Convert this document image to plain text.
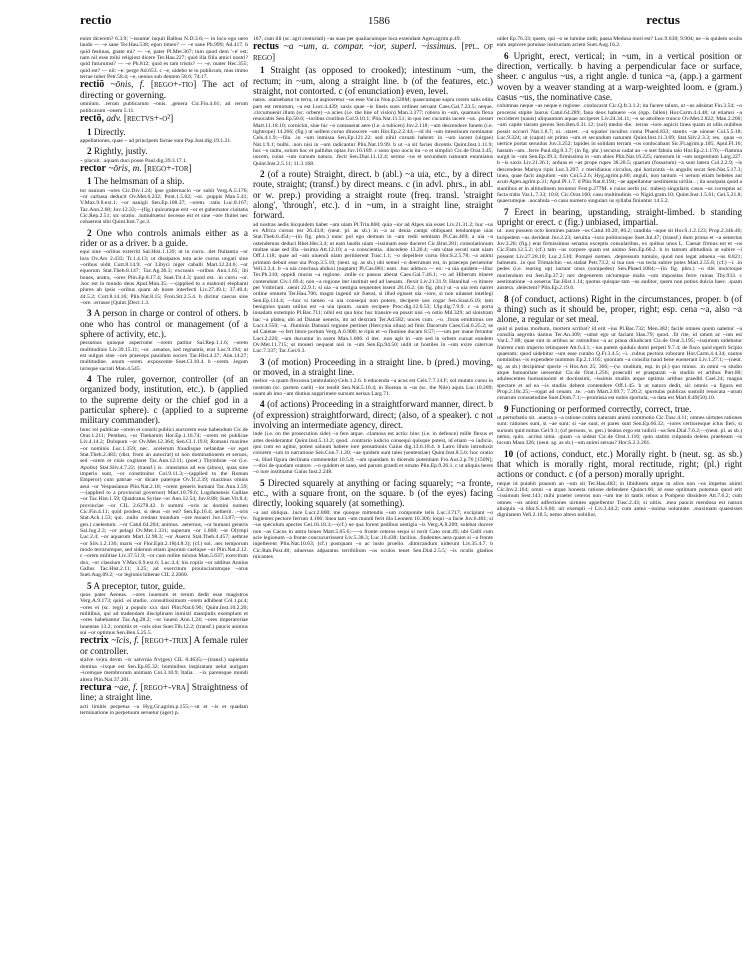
rectio	1586	rectus

enim dicerem? 6.3.9; '~issume' inquit Balbus N.D.3.6;— in loco ego uero laudo — ~e sane Ter.Hau.538; egon timeo? — ~e sane Ph.999; Ad.417. b quid festinas, gnate mi? — ~e, pater Pl.Mer.367; tum quod dem '~e' est; nam nil esse mihi religiost dicere Ter.Hau.227; quid illa filia amici nostri? quid futurumst? — ~e Ph.812; quid es tam tristis? — ~e, mater Hec.355; quid est? — nil: ~e: perge Ad.653. c ~e, uidebo te in publicum, mus immo terrae tuber Petr.58.4; ~e, uenius sub dentem 58.6; 74.17.

rectiō ~ōnis, f. [rego+-tio] The act of directing or governing.

omnium. .rerum publicarum ~onis. .genera Cic.Fin.4.61; ad rerum publicarum ~onem 5.11.

rectō, adv. [rectvs+-o²]

1 Directly.

appellationes, quae ~ ad principem factae sunt Pap.Just.dig.19.1.21.

2 Rightly, justly.

~ placuit. .aquam duci posse Paul.dig.39.3.17.1.

rector ~ōris, m. [rego+-tor]

1 The helmsman of a ship.

tot nauium ~ores Cic.Div.1.24; ipse gubernaclo ~or subit Verg.A.5.176; ~or carbasa deducit Ov.Met.6.232; Pont.1.5.62; ~or. .puppis Man.5.41; V.Max.9.8.ext.1; ~or nauigii Sen.Ep.108.37; ~orem. .ratis Luc.8.167; Tac.Ann.2.60; Juv.12.33;—(fig.) quicumque erit ~or et gubernator ciuitatis Cic.Rep.2.51; sic oratio. .tumultuetur necesse est et sine ~ore fluitet nec cohaereat sibi Quint.Inst.7.pr.3.

2 One who controls animals either as a rider or as a driver. b a guide.

equi sine ~oribus exterriti Sal.Hist.1.139; ut in curru. .det fluitantia ~or lora Ov.Ars 2.433; Tr.1.4.13; ut dissipatos tota acie currus ungari sine ~oribus uidit Curt.8.14.9; ~or Libyci niger caballi Mart.12.24.6; ~or equorum Stat.Theb.8.147; Tac.Ag.36.3; excussis ~oribus Ann.1.65; ibi boues, aratra, ~ores Plin.Ep.8.17.4; Suet.Tit.4.3; quod est. .in curru ~or. .hoc est in mundo deus Apul.Mun.35; —(applied to a mahout) elephanti plures ab ipsis ~oribus quam ab hoste interfecti Liv.27.49.1; 37.40.4; 44.5.2; Curt.8.14.16; Plin.Nat.8.15; Fron.Str.2.5.4. b dicitur caecus sine ~ore. .errasse [Quint.]Decl.1.3.

3 A person in charge or control of others. b one who has control or management (of a sphere of activity, etc.).

pessumus quisque asperrume ~orem patitur Sal.Rep.1.1.6; ~orem multitudinis Liv.39.15.11; ~or. .senatus, sed regnantis, erat Luc.9.194; ut est uulgus sine ~ore praeceps pauidum socors Tac.Hist.4.37; Ann.14.27; multitudine. .unum ~orem. .exposcente Suet.Cl.10.4. b ~orem. .legum iurisque sacrati Man.4.545.

4 The ruler, governor, controller (of an organized body, institution, etc.). b (applied to the supreme deity or the chief god in a particular sphere). c (applied to a supreme military commander).

hunc rei publicae ~orem et consili publici auctorem esse habendum Cic.de Orat.1.211; Pentheu, ~or Thebarum Hor.Ep.1.16.74; ~orem rei publicae Liv.4.14.2; Dolopum ~or Ov.Met.12.364; Sen.Cl.1.19.8; Romani maxime ~or nominis Luc.1.359; nec. .scelerum fraudisque nefandae ~or eget Stat.Theb.2.483; (dist. from an autocrat) ut non dominationem et seruos, sed ~orem et ciuis cogitaret Tac.Ann.12.11; (poet.) Thymbrae ~or (i.e. Apollo) Stat.Silv.4.7.22; (transf.) is. .translatus ad eos (alnos), quas sine imperio sunt, ~or constituitur Col.9.11.3;—(applied to the Roman Emperor) cum patriae ~or dicare paterque Ov.Tr.2.39; maximus omnis aeui ~or Vespasianus Plin.Nat.2.18; ~orem generis humani Tac.Ann.3.59;—(applied to a provincial governor) Mart.10.78.6; Lugdunensis Galliae ~or Tac.Hist.1.59; Quadratus Syriae ~or Ann.12.54; Juv.8.88; Suet.Vit.8.4; provinciae ~or CIL 2.6278.42. b summi ~oris ac domini numen Cic.Fin.4.11; quid prodest, si deus ~or est? Sen.Ep.16.4; aetherii. .~oris Stat.Ach.1.53; qui. .nullo credant mundum ~ore moueri Juv.13.87;—(w. gen.) caelestum. .~or Catul.64.204; animus. .aeternus, ~or humani generis Sal.Jug.2.3; ~or pelagi Ov.Met.1.331; superum ~or 1.668; ~or Olympi Luc.2.4; ~or aquarum Mart.12.98.3; ~or Auerni Stat.Theb.4.457; aethrae ~or Silv.1.2.136; maris ~or Flor.Epit.2.18(4.8.3); (cf.) sol. .nec temporum modo terrarumque, sed siderum etiam ipsorum caelique ~or Plin.Nat.2.12. c ~orem militiae Liv.37.51.9; ~or cum milite mixtus Man.5.637; exercitum dux, ~or classium V.Max.6.9.ext.6; Luc.4.4; his copiis ~or additus Annius Gallus Tac.Hist.2.11; 3.25; ad exercitum prouinciarumque ~orus Suet.Aug.89.2; ~or legionis hiberae CIL 2.2660.

5 A preceptor, tutor, guide.

quos pater Aeneas. .~ores iuuenum et rerum dedit esse magistros Verg.A.9.173; quid. .ei studio. .consultissimum ~orem adhibeat Col.1.pr.4; ~ores ei (sc. regi) a populo xxx dari Plin.Nat.6.90; Quint.Inst.10.2.20; militibus, qui ad tradendam disciplinam inmixti manipulis exemplum et ~ores habebantur Tac.Ag.28.2; ~or iuueni Ann.1.24; ~ores imperatoriae iuuentae 13.2; comitiis et ~oris eius Suet.Tib.12.2; (transf.) paucis animus sui ~or optimus Sen.Ben.5.25.5.

rectrix ~īcis, f. [rego+-trix] A female ruler or controller.

s(alve ve)ra devm ~ix satvrnia frv(ges) CIL 8.4635;—(transf.) sapientia domina ~ixque est Sen.Ep.85.32; hominibus inspiratam uelut aurigam ~icemque membrorum animam Col.3.10.9; Italia. . ~ix parensque mundi altera Plin.Nat.37.201.

rectura ~ae, f. [rego+-vra] Straightness of line; a straight line.

acti limitis perpetua ~a Hyg.Gr.agrim.p.155;—ut et ~is et quadam terminatione in perpetuum seruetur (ager) p.

167; cum illi (sc. agri centuriati) ~as suas per qualiacumque loca extendant Agen.agrim.p.49.

rectus ~a ~um, a. compar. ~ior, superl. ~issimus. [ppl. of rego]

1 Straight (as opposed to crooked); intestinum ~um, the rectum; in ~um, along a straight line. b (of the features, etc.) straight, not contorted. c (of enunciation) even, level.

natus. .statuebatur in terra, ut aspiceretur ~us esse Var.in Non.p.528M; quaecumque supra rorem salis edita pars est remotum, ~a est Lucr.4.439; saxis quae ~is lineis suos ordines seruant Caes.Gal.7.23.5; neque. .circumuenit illum (sc. orbem) ~a acies (i.e. the line of vision) Man.3.377; robora in ~um, quamuis flexa reuocabis Sen.Ep.50.6; ~ioribus cruribus Col.9.10.1; Plin.Nat.11.51; in quo nec cucumis iacere ~us. .posset Mart.11.18.10; cornicini, siue hic ~o cantauerat aere (i.e. a tubicen) Juv.2.118; ~um descendere funem (i.e. tightrope) 14.266; (fig.) ut uellem curuo dinoscere ~um Hor.Ep.2.2.44;—id ibi ~um intestinum nominatur Cels.4.1.9;—fila. .in ~um inmissa Sen.Ep.121.22; sed nihil curuati habent: in ~um iacent (uirgae) Nat.1.9.1; bulbi. .non nisi in ~um radicantur Plin.Nat.19.99. b ut ~a sit facies dicentis Quint.Inst.1.11.9; hoc ~o uultu, solum hoc et pallidus optas Juv.10.189. c sono ipso uocis ita ~o et simplici Cic.de Orat.3.45; uocem, cuius ~um cursum natura. .fecit Sen.Dial.11.12.4; sermo ~us et secundum naturam enuntiatus Quint.Inst.2.5.11; 11.3.168.

2 (of a route) Straight, direct. b (abl.) ~a uia, etc., by a direct route, straight; (transf.) by direct means. c (in advl. phrs., in abl. or w. prep.) providing a straight route (freq. transl. 'straight along', 'through', etc.). d in ~um, in a straight line, straight forward.

ad nostras aedis hicquidem habet ~am uiam Pl.Trin.868; quia ~ior ad Alpes uia esset Liv.21.31.2; huc ~us ex Africa cursus est 26.43.8; (neut. pl. as sb.) in ~a ac deuia campi obliquant tenduntque uias Stat.Theb.6.454;—(in fig. phrs.) nunc pol ego demum in ~am redii semitam Pl.Cas.469; a uia ~a ostendemus deduci Rhet.Her.3.4; ut eam laudis uiam ~issimam esse duceret Cic.Brut.281; consolationum multae uiae sed illa ~issima Att.12.10; a ~a conscientia. .discedere 13.20.4; ~am uitae secuti sunt uiam Off.1.118; quae ad ~am uiuendi uiam pertinerent Tusc.1.1; ~o depellere cursu Hor.S.2.5.78; ~a animi primum debuit esse uia Prop.3.5.10; (neut. sg. as sb.) ubi semel ~o deerratum est, in praeceps peruenitur Vell.2.3.4. b ~a uia conclusa abduxi (nuptam) Pl.Cas.881; eam. .huc adduco — eo: ~a uia quidem—illuc Ter.Ph.310; oppidi murus ~a regione. .mille cc passus aberat Caes.Gal.7.46.1; ~o ad Hiberum itinere contendunt Civ.1.69.4; non ~a regione iter instituit sed ad laeuam. .flexit Liv.21.31.9; Hannibal ~o itinere per Vmbriam. .uenit 22.9.1; si uia ~a uestigia sequentes issent 28.16.2; (in fig. phr.) ut ~a uia rem narret ordine omnem Ter.Hau.706; magni ingenii uir fuerat, si illud egisset uia ~iore, si non uitasset intellegi Sen.Ep.114.4; —hoc si tamen ~a uia consequi non potero, decipere uos cogar Sen.Suas.6.16; tam benignius quam utilius est ~a uia ipsum. .suum recipere Proc.dig.12.6.53; Ulp.dig.7.9.9. c ~a porta inuadam extemplo Pl.Bac.711; nihil est qua hinc huc transire ea possit nisi ~o ostio Mil.329; ad sinistram hac ~a platea, ubi ad Dianae ueneris, ito ad dextram Ter.Ad.582; uoces cum. .~o. .foras emittimus ore Lucr.4.550; ~a. .fluminis Danuuii regione pertinet (Hercynia silua) ad finis Dacorum Caes.Gal.6.25.2; se ad Caietae ~o fert litore portum Verg.A.6.900; te ripis et ~o flumine ducam 8.57;—~um per inane feruntur Lucr.2.226; ~um ducuntur in axem Man.1.606. d iter. .non agit in ~um sed in orbem curuat eundem Ov.Met.11.715; ut moueri nequeat nisi in ~um Sen.Ep.94.50; uidit ut hostiles in ~um exire catervas Luc.7.337; Tac.Ger.6.3.

3 (of motion) Proceeding in a straight line. b (pred.) moving, or moved, in a straight line.

melior ~a quam flexuosa (ambulatio) Cels.1.2.6. b educenda ~a acus est Cels.7.7.14.F; sol mutato cursu in nostram (sc. partem caeli) ~ior tendit Sen.Nat.5.10.4; in Borean is ~us (sc. the Nile) aquis Luc.10.289; uuam ab imo ~am diutius supprimere sursum uersus Larg.71.

4 (of actions) Proceeding in a straightforward manner, direct. b (of expression) straightforward, direct; (also, of a speaker). c not involving an intermediate agency, direct.

inde (i.e. on the prosecution side) ~a fere atque. .clamosa est actio: hinc (i.e. in defence) mille flexus et artes desiderantur Quint.Inst.5.13.2; quod. .contrario iudicio consequi quisque potest, id etiam ~o iudicio, quo cum eo agitur, potest saluum habere iure pensationis Gaius dig.13.6.18.4. b Latro illum introduxit colorem ~um in narratione Sen.Con.7.1.20; ~ae quidem sunt tales (sententiae) Quint.Inst.8.5.6; hoc oratio ~a, illud figura declinata commendat 10.5.8; ~am quandam in dicendo potentiam Fro.Aur.2.p.76 [150N];—dixi de quodam oratore. .~o quidem et sano, sed parum grandi et ornato Plin.Ep.9.26.1. c ut aliquis heres ~o iure instituatur Gaius Inst.2.248.

5 Directed squarely at anything or facing squarely; ~a fronte, etc., with a square front, on the square. b (of the eyes) facing directly, looking squarely (at something).

~a aut obliqua. .luce Lucr.2.800; me quoque mittendis ~um componite telis Luc.3.717; excipiant ~o fugientes pectore ferrum 4.166; linea tam ~um mundi ferit illa Leonem 10.306; loqui ~a facie Juv.6.401; si ~us speculum spectes Gel.16.18.3;—(cf.) ne qua forent pedibus uestigia ~is Verg.A.8.209; solebat ducere non ~as Cacus in antra boues Mart.5.65.6;—~o fronte ceteros sequi si norit Cato orat.49; ubi Galli cum acie legionum ~a fronte concucurrissent Liv.5.38.3; Luc.10.438; facilius. .findentes aera quam si ~a fronte inpellerent Plin.Nat.10.63; (cf.) postquam ~o ac iusto proelio. .dimicandum uiderunt Liv.35.4.7. b Cic.Rab.Post.48; aduersus adparatus terribilium ~os oculos tenet Sen.Dial.2.5.5; ~is oculis gladios micantes

uidet Ep.76.33; quem, qui ~o se lumine uidit, passa Medusa mori est? Luc.9.638; 9.904; ne ~is quidem oculis eam aspicere potuisse instructam aciem Suet.Aug.16.2.

6 Upright, erect, vertical; in ~um, in a vertical position or direction, vertically. b having a perpendicular face or surface, sheer. c angulus ~us, a right angle. d tunica ~a, (app.) a garment woven by a weaver standing at a warp-weighted loom. e (gram.) casus ~us, the nominative case.

columnas neque ~as neque e regione. .conlocarat Cic.Q.fr.3.1.2; ita facere talum, ut ~us adsistat Fin.3.54; ~o proceras stipite laurus Catul.64.289; fana deos habuere ~os (opp. fallen) Hor.Carm.4.4.48; ut etiamsi ~a reccideret (nauis) aliquantum aquae acciperet Liv.24.34.11; ~o se attollere trunco Ov.Met.2.822; Man.2.200; ~am capite tiaram gerens Sen.Ben.6.31.12; (sol) medio die. .terras ~iore aspicit linea quam ut ullis nubibus possit occurri Nat.1.8.7; ui. .staret. .~a squalor incultus coma Phaed.833; stantis ~ae uineae Col.5.5.18; Luc.9.324; ut (caput) sit primo ~um et secundum naturam Quint.Inst.11.3.69; Stat.Silv.2.3.3; res. .quas ~o uertice portat seruulus Juv.3.252; lapides in solidam terram ~os conlocabant Sic.Fl.agrim.p.105; Apul.Fl.16; hastam ~am. .ferre Paul.dig.8.3.7; (in fig. phr.) securus cadat an ~o stet fabula talo Hor.Ep.2.1.176;—flamma surgit in ~um Sen.Ep.39.3; firmissima in ~um abies Plin.Nat.16.225; ramorum in ~um surgentium Larg.227. b ~is saxis Liv.21.36.1; arduas et ~as prope rupes 38.20.5; quarum (fossarum) ~a sunt latera Col.2.2.9; ~is descendens Marsya ripis Luc.3.207. c meridianus circulus, qui horizonta ~is angulis secat Sen.Nat.5.17.3; linea, quae facit angulum ~um Col.5.2.6; Hyg.agrim.p.80; anguli, non tantum ~i uerum etiam hebetes aut acuti Agen.agrim.p.31; Apul.Pl.1.7. d Plin.Nat.8.194; ~ae appellantur uestimenta uirilia. .; ita usurpata quod a stantibus et in altitudinem texuntur Fest.p.277M. e cuius uerbi (sc. trabes) singularis casus ~us correptus ac facta trabs Var.L.7.33; 10.8; Cic.Orat.160; casu multitudinis ~o Nigid.gram.10; Quint.Inst.1.5.61; Gel.5.21.8; quaecumque. .uocabula ~o casu numero singulari us syllaba finiuntur 14.5.2.

7 Erect in bearing, upstanding, straight-limbed. b standing upright or erect. c (fig.) unbiased, impartial.

ut. .non possem octo homines parare ~os Catul.10.20; 86.2; candida ~aque sit Hor.S.1.2.123; Prop.2.34b.46; loripedem ~us derideat Juv.2.23; seruitia ~iora politioraque Suet.Jul.47; (transf.) dum prima et ~a senectus Juv.3.26; (fig.) erat firmissimus senatus exceptis consularibus, ex quibus unus L. Caesar firmus est et ~us Cic.Fam.12.5.2; (cf.) tam ~us corpore quam est animo Sen.Ep.66.2. b in tantum altitudinis ut subire ~i possent Liv.27.28.10; Luc.2.510; Pompei nomen. .depressum tumulo, quod non legat aduena ~us 8.821; balneum. .in quo Trimalchio ~us stabat Petr.73.2; si tua non ~us tecta subire potes Mart.2.55.8; (cf.) ~i. .in pedes (i.e. rearing up) iactant onus (sonipedes) Sen.Phaed.1084;—(in fig. phrs.) ~o tibi inuictoque moriendum est Sen.Ep.37.2; nec degenerem uictumque malis ~um impositas ferre ruinas Thy.933. c aestimatione ~a seuerus Tac.Hist.1.14; quotus quisque tam ~us auditor, quem non potius dulcia haec. .quam austera. .delectent? Plin.Ep.2.19.6.

8 (of conduct, actions) Right in the circumstances, proper. b (of a thing) such as it should be, proper, right; esp. cena ~a, also ~a alone, a regular or set meal.

quid si potius morbum, mortem scribat? id erit ~ius Pl.Bac.732; Men.382; facile omnes quom ualemu' ~a consilia aegrotis damus Ter.An.309; ~umst ego ut faciam Hau.79; quod. .fit rite, id ratum ac ~um est Var.L.7.88; quae sint in artibus ac rationibus ~a ac praua diiudicant Cic.de Orat.3.195; ~issimum uidebatur fratrem cum imperio relinquere Att.6.4.1; ~ius putem quiduis domi perpeti 9.7.4; de fisco quid egerit Scipio quaeram; quod uidebitur ~um esse curabo Q.Fr.3.4.5; ~i. .cultus pectora roborant Hor.Carm.4.4.34; cautos nominibus ~is expendere nummos Ep.2.1.105; quoniam ~a consilia haud bene euenerant Liv.1.27.1;—(neut. sg. as sb.) decipimur specie ~i Hor.Ars 25; 366;—(w. studium, esp. in pl.) quo minus. .in omni ~o studio atque humanitate uersentur Cic.de Orat.1.256; praeculti et praeparati ~is studiis et artibus Part.80; adulescentes humanissimi et doctissimi, ~issimis studiis atque optimis artibus praediti Cael.24; magna spectare et ad ea ~is studiis debent contendere Off.1.45. b ut natura dedit, sic omnis ~a figura est Prop.2.18c.25;—rogat ad cenam. .te. .~am Mart.2.69.7; 7.20.2; sportulas publicas sustulit reuocata ~arum cenarum consuetudine Suet.Dom.7.1;—promissa est nobis sportula, ~a data est Mart.8.49(50).10.

9 Functioning or performed correctly, correct, true.

ut perturbatio sit. .auersa a ~a ratione contra naturam animi commotio Cic.Tusc.4.11; omnes uirtutes rationes sunt: rationes sunt, si ~ae sunt: si ~ae sunt, et pares sunt Sen.Ep.66.32; ~iores certioresque ictus fieri, si sursum quid mittas Gel.9.1; (of persons, w. gen.) beatus ergo est iudicii ~us Sen.Dial.7.6.2;—(neut. pl. as sb.) nemo, quin. .acrius uitia. .quam ~a uideat Cic.de Orat.1.116; quin statim culpanda delens praebeam ~is locum Maur.326; (neut. sg. as sb.) ~um animi seruas? Hor.S.2.3.201.

10 (of actions, conduct, etc.) Morally right. b (neut. sg. as sb.) that which is morally right, moral rectitude, right; (pl.) right actions or conduct. c (of a person) morally upright.

neque id putabit prauom an ~um sit Ter.Hau.483; in libidinem atque in alios non ~os impetus animi Cic.Inv.2.164; omni ~a atque honesta ratione defendere Quinct.66; id esse optimum putemus quod erit ~issimum Sest.143; mihi praeter ceteros non ~um me in tantis rebus a Pompeio dissidere Att.7.6.2; cum omnes ~os animi adfectiones uirtutes appellentur Tusc.2.43; si uitiis. .mea paucis mendosa est natura alioquin ~a Hor.S.1.6.66; uir exempli ~i Liv.3.44.2; cum antea ~issima uoluntate. .maximam quaesisset dignitatem Vell.2.18.5; nemo altero nobilior,
